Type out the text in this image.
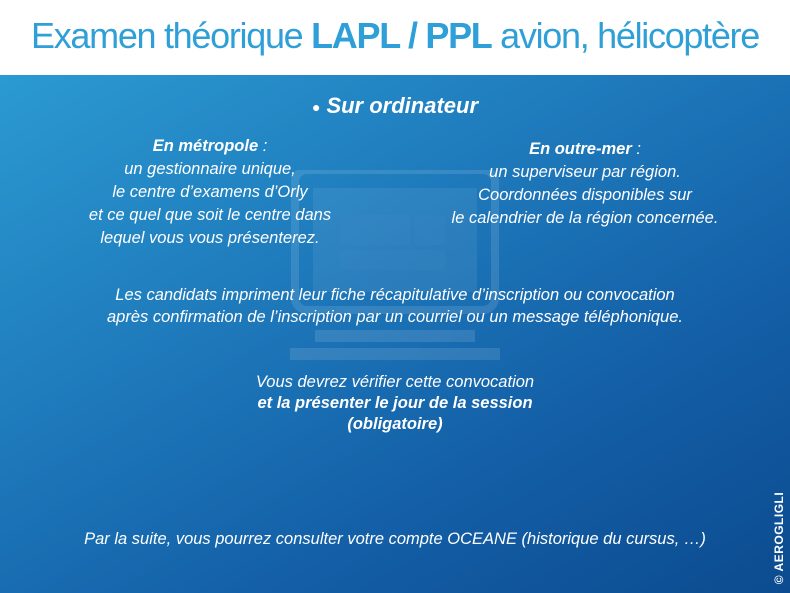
Examen théorique LAPL / PPL avion, hélicoptère
● Sur ordinateur
En métropole :
un gestionnaire unique,
le centre d’examens d’Orly
et ce quel que soit le centre dans
lequel vous vous présenterez.
En outre-mer :
un superviseur par région.
Coordonnées disponibles sur
le calendrier de la région concernée.
Les candidats impriment leur fiche récapitulative d’inscription ou convocation
après confirmation de l’inscription par un courriel ou un message téléphonique.
Vous devrez vérifier cette convocation
et la présenter le jour de la session
(obligatoire)
Par la suite, vous pourrez consulter votre compte OCEANE (historique du cursus, …)	© AEROGLIGLI
